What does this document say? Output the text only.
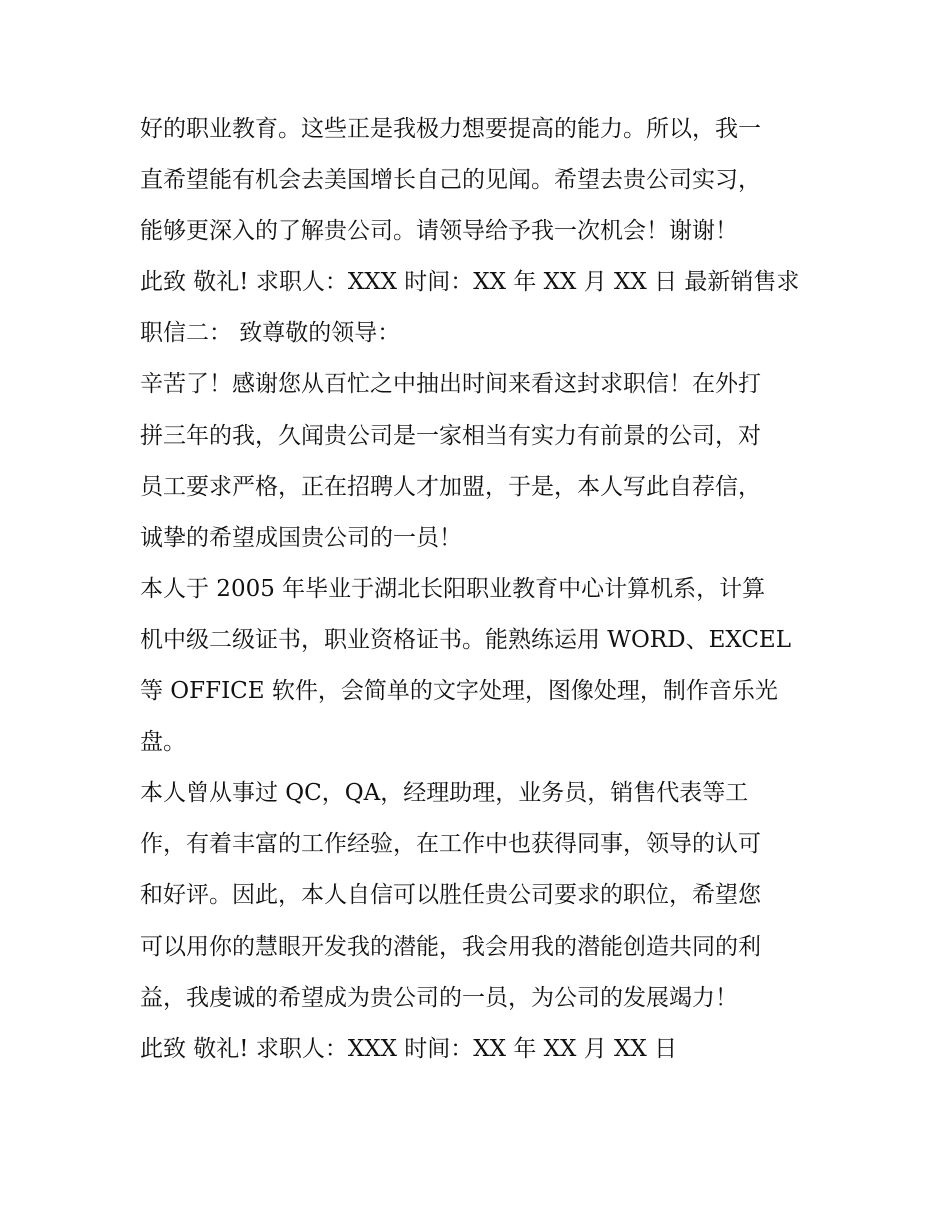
好的职业教育。这些正是我极力想要提高的能力。所以，我一
直希望能有机会去美国增长自己的见闻。希望去贵公司实习，
能够更深入的了解贵公司。请领导给予我一次机会！谢谢！
此致 敬礼! 求职人：XXX 时间：XX 年 XX 月 XX 日 最新销售求
职信二： 致尊敬的领导：
辛苦了！感谢您从百忙之中抽出时间来看这封求职信！在外打
拼三年的我，久闻贵公司是一家相当有实力有前景的公司，对
员工要求严格，正在招聘人才加盟，于是，本人写此自荐信，
诚挚的希望成国贵公司的一员！
本人于 2005 年毕业于湖北长阳职业教育中心计算机系，计算
机中级二级证书，职业资格证书。能熟练运用 WORD、EXCEL
等 OFFICE 软件，会简单的文字处理，图像处理，制作音乐光
盘。
本人曾从事过 QC，QA，经理助理，业务员，销售代表等工
作，有着丰富的工作经验，在工作中也获得同事，领导的认可
和好评。因此，本人自信可以胜任贵公司要求的职位，希望您
可以用你的慧眼开发我的潜能，我会用我的潜能创造共同的利
益，我虔诚的希望成为贵公司的一员，为公司的发展竭力！
此致 敬礼! 求职人：XXX 时间：XX 年 XX 月 XX 日
